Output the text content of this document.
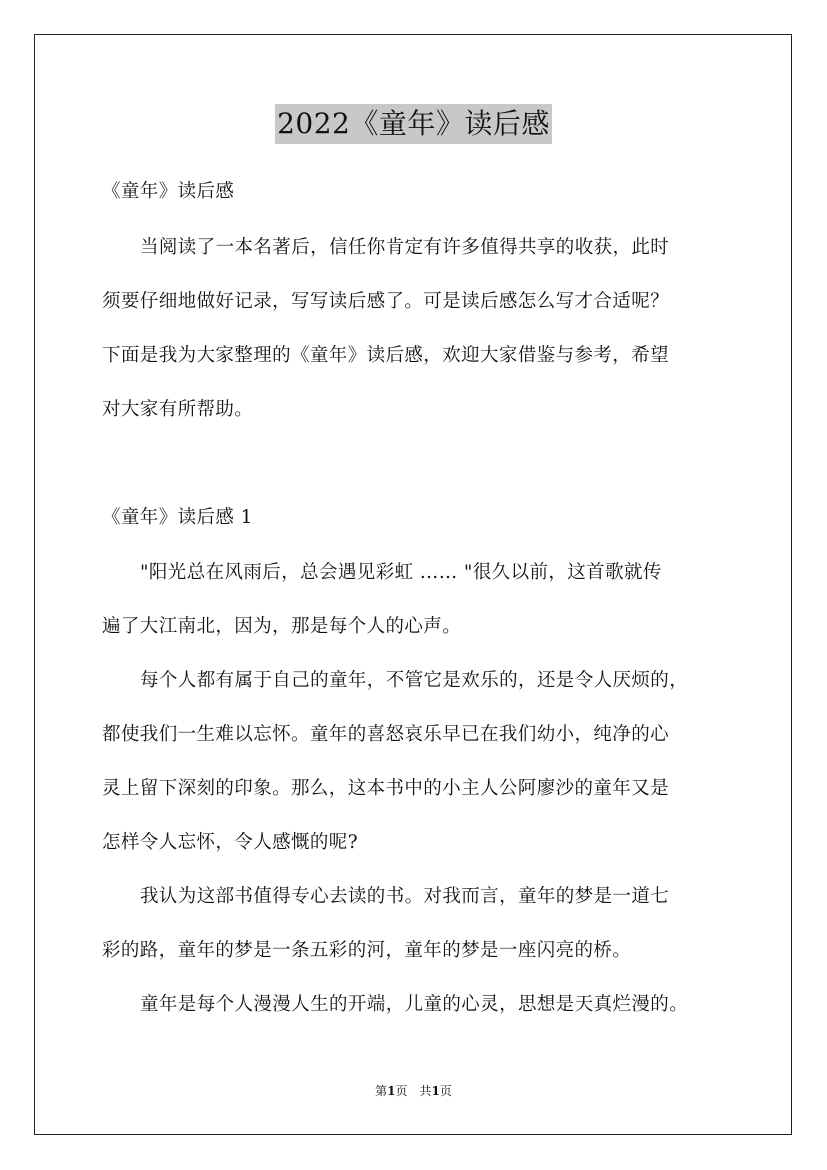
2022《童年》读后感
《童年》读后感
当阅读了一本名著后，信任你肯定有许多值得共享的收获，此时
须要仔细地做好记录，写写读后感了。可是读后感怎么写才合适呢？
下面是我为大家整理的《童年》读后感，欢迎大家借鉴与参考，希望
对大家有所帮助。
《童年》读后感 1
"阳光总在风雨后，总会遇见彩虹 …… "很久以前，这首歌就传
遍了大江南北，因为，那是每个人的心声。
每个人都有属于自己的童年，不管它是欢乐的，还是令人厌烦的，
都使我们一生难以忘怀。童年的喜怒哀乐早已在我们幼小，纯净的心
灵上留下深刻的印象。那么，这本书中的小主人公阿廖沙的童年又是
怎样令人忘怀，令人感慨的呢?
我认为这部书值得专心去读的书。对我而言，童年的梦是一道七
彩的路，童年的梦是一条五彩的河，童年的梦是一座闪亮的桥。
童年是每个人漫漫人生的开端，儿童的心灵，思想是天真烂漫的。
第1页　共1页
